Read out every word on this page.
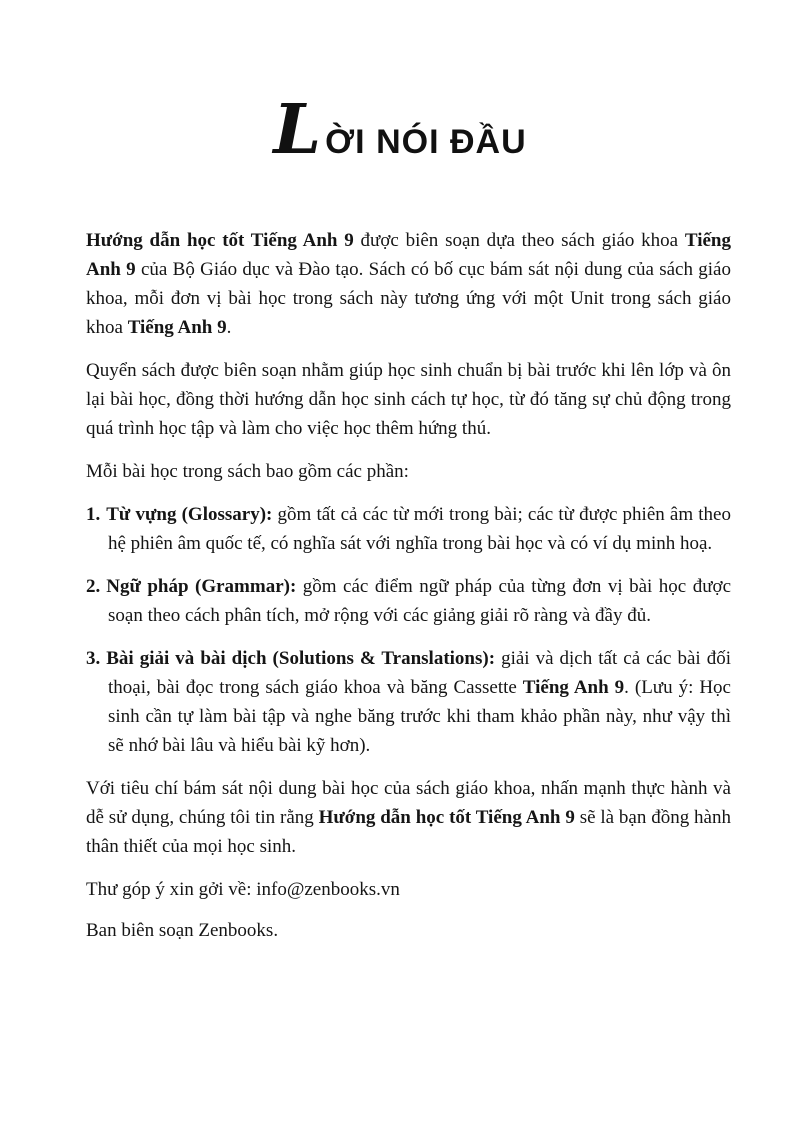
L ỜI NÓI ĐẦU

Hướng dẫn học tốt Tiếng Anh 9 được biên soạn dựa theo sách giáo khoa Tiếng Anh 9 của Bộ Giáo dục và Đào tạo. Sách có bố cục bám sát nội dung của sách giáo khoa, mỗi đơn vị bài học trong sách này tương ứng với một Unit trong sách giáo khoa Tiếng Anh 9.

Quyển sách được biên soạn nhằm giúp học sinh chuẩn bị bài trước khi lên lớp và ôn lại bài học, đồng thời hướng dẫn học sinh cách tự học, từ đó tăng sự chủ động trong quá trình học tập và làm cho việc học thêm hứng thú.

Mỗi bài học trong sách bao gồm các phần:

1. Từ vựng (Glossary): gồm tất cả các từ mới trong bài; các từ được phiên âm theo hệ phiên âm quốc tế, có nghĩa sát với nghĩa trong bài học và có ví dụ minh hoạ.
2. Ngữ pháp (Grammar): gồm các điểm ngữ pháp của từng đơn vị bài học được soạn theo cách phân tích, mở rộng với các giảng giải rõ ràng và đầy đủ.
3. Bài giải và bài dịch (Solutions & Translations): giải và dịch tất cả các bài đối thoại, bài đọc trong sách giáo khoa và băng Cassette Tiếng Anh 9. (Lưu ý: Học sinh cần tự làm bài tập và nghe băng trước khi tham khảo phần này, như vậy thì sẽ nhớ bài lâu và hiểu bài kỹ hơn).

Với tiêu chí bám sát nội dung bài học của sách giáo khoa, nhấn mạnh thực hành và dễ sử dụng, chúng tôi tin rằng Hướng dẫn học tốt Tiếng Anh 9 sẽ là bạn đồng hành thân thiết của mọi học sinh.

Thư góp ý xin gởi về: info@zenbooks.vn

Ban biên soạn Zenbooks.
